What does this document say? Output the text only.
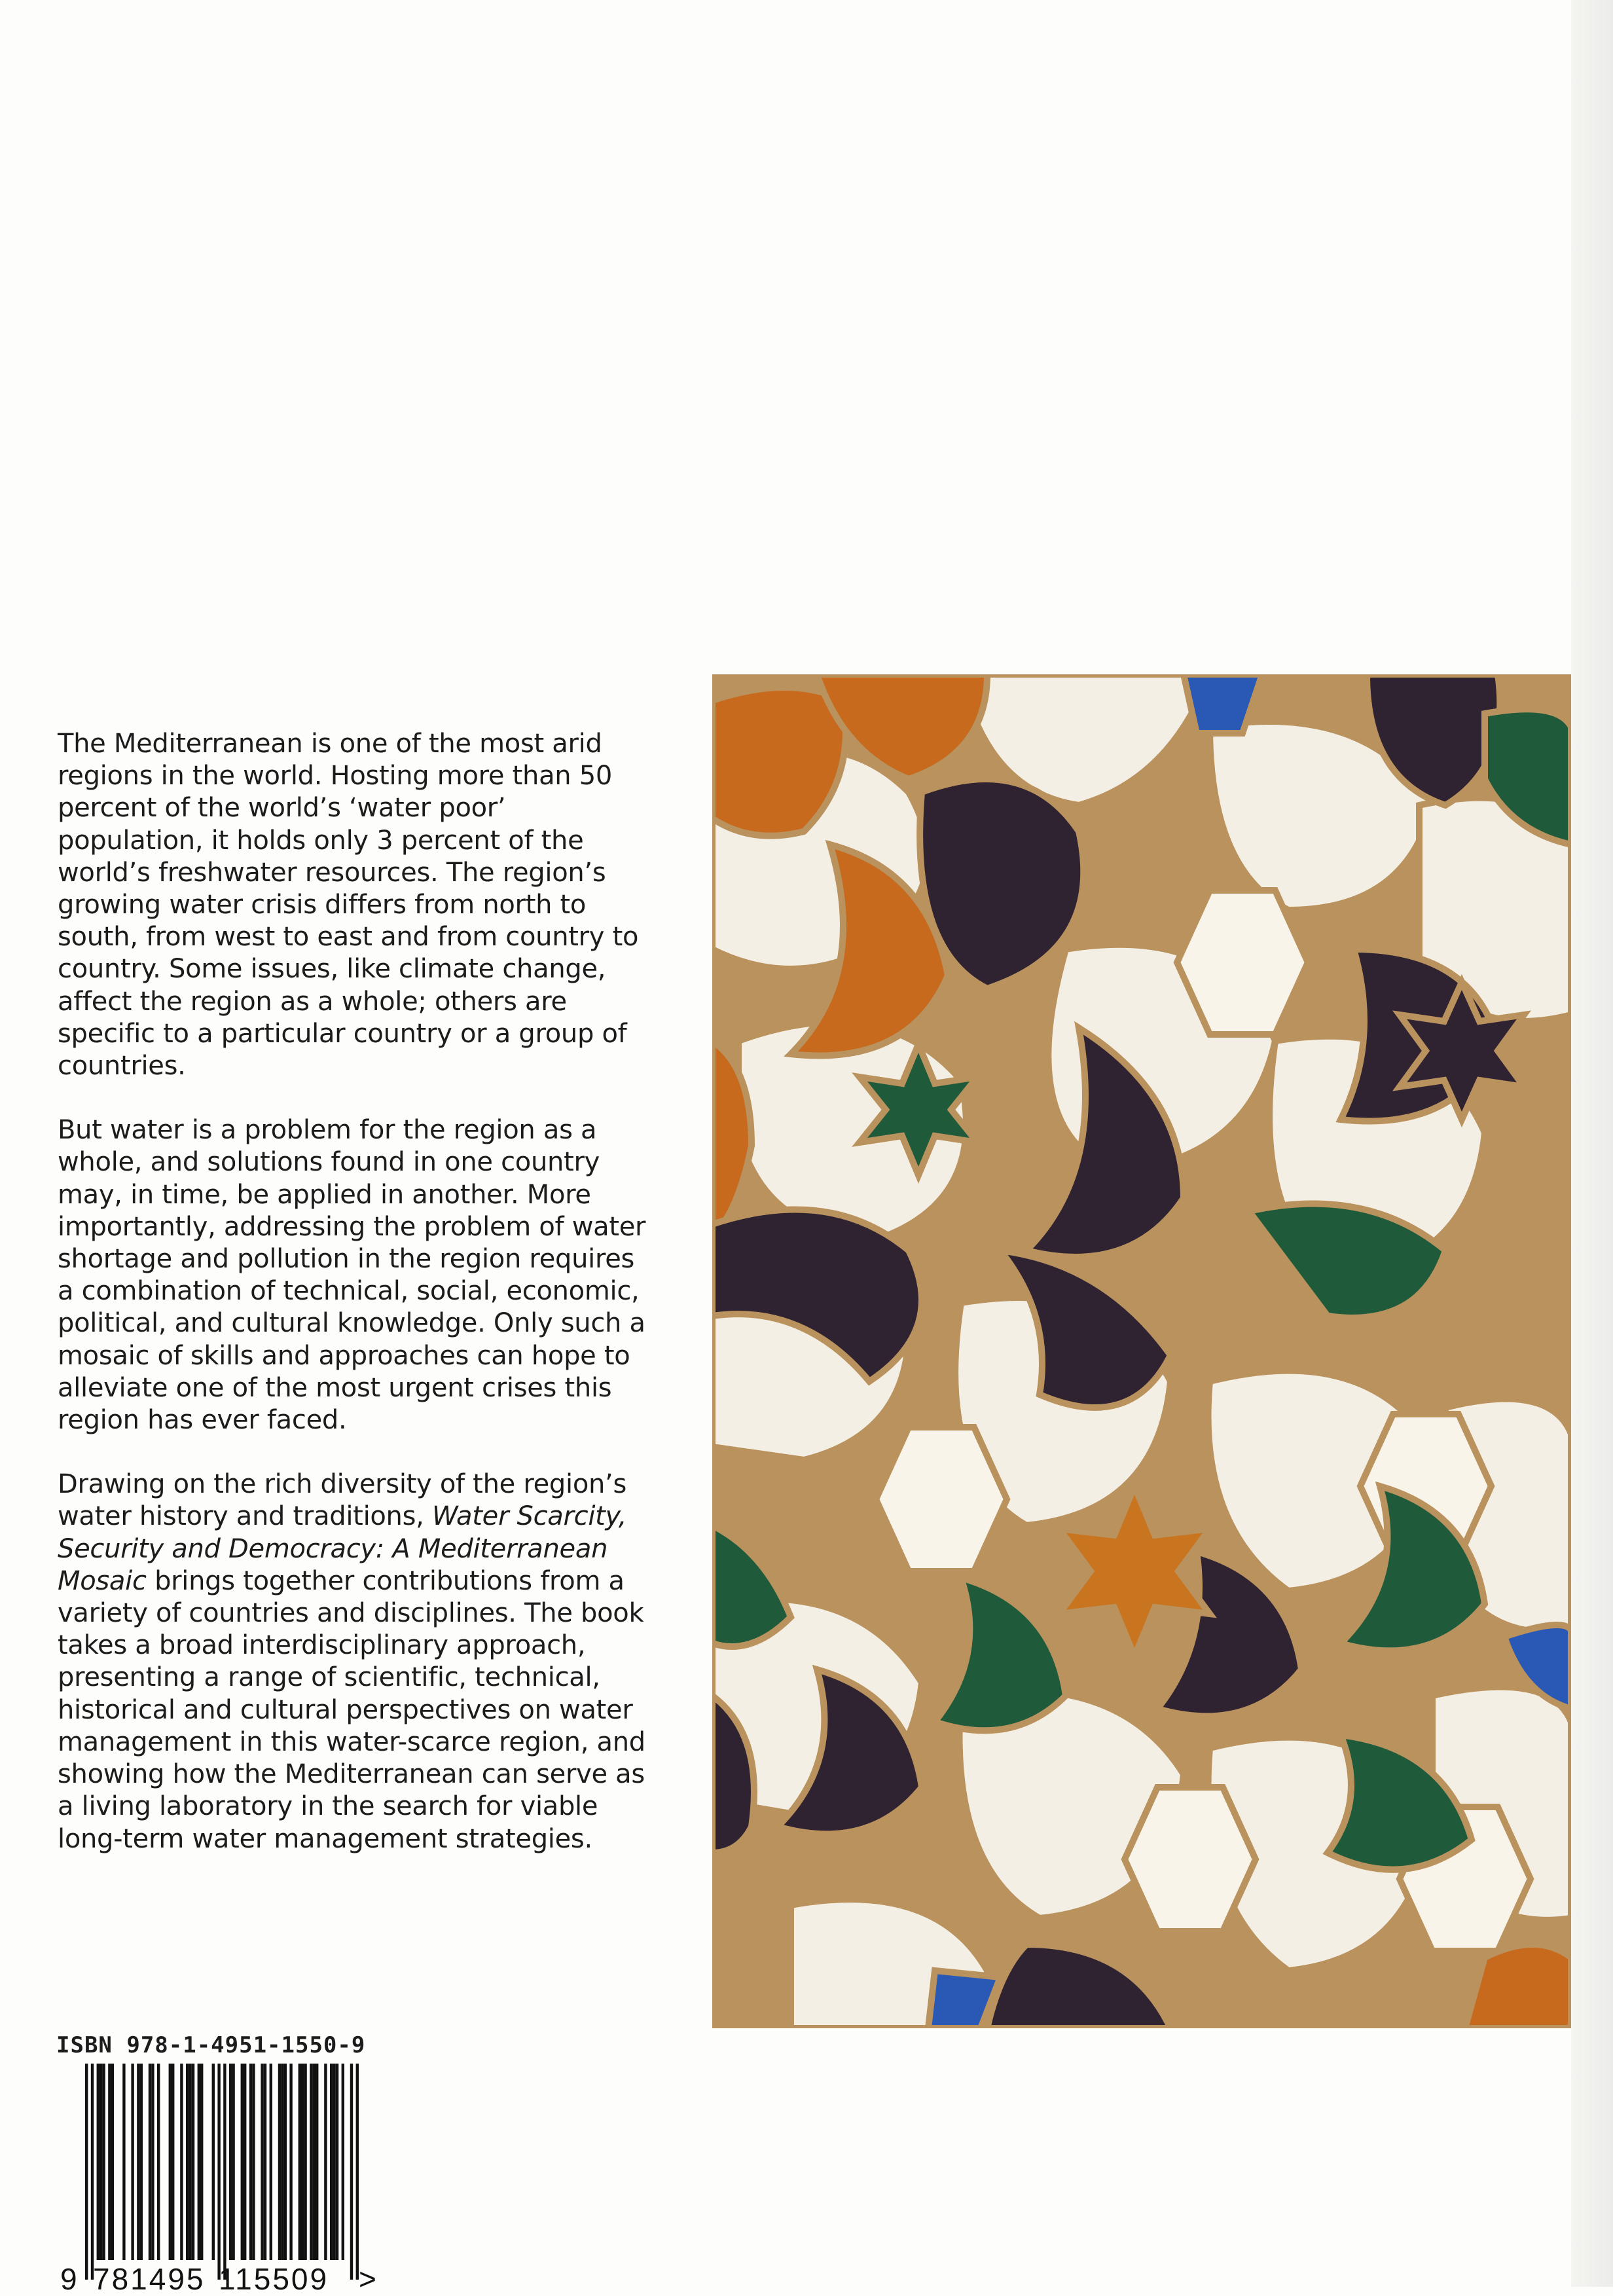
The Mediterranean is one of the most arid regions in the world. Hosting more than 50 percent of the world’s ‘water poor’ population, it holds only 3 percent of the world’s freshwater resources. The region’s growing water crisis differs from north to south, from west to east and from country to country. Some issues, like climate change, affect the region as a whole; others are specific to a particular country or a group of countries.

But water is a problem for the region as a whole, and solutions found in one country may, in time, be applied in another. More importantly, addressing the problem of water shortage and pollution in the region requires a combination of technical, social, economic, political, and cultural knowledge. Only such a mosaic of skills and approaches can hope to alleviate one of the most urgent crises this region has ever faced.

Drawing on the rich diversity of the region’s water history and traditions, Water Scarcity, Security and Democracy: A Mediterranean Mosaic brings together contributions from a variety of countries and disciplines. The book takes a broad interdisciplinary approach, presenting a range of scientific, technical, historical and cultural perspectives on water management in this water-scarce region, and showing how the Mediterranean can serve as a living laboratory in the search for viable long-term water management strategies.

ISBN 978-1-4951-1550-9
9 781495 115509 >
